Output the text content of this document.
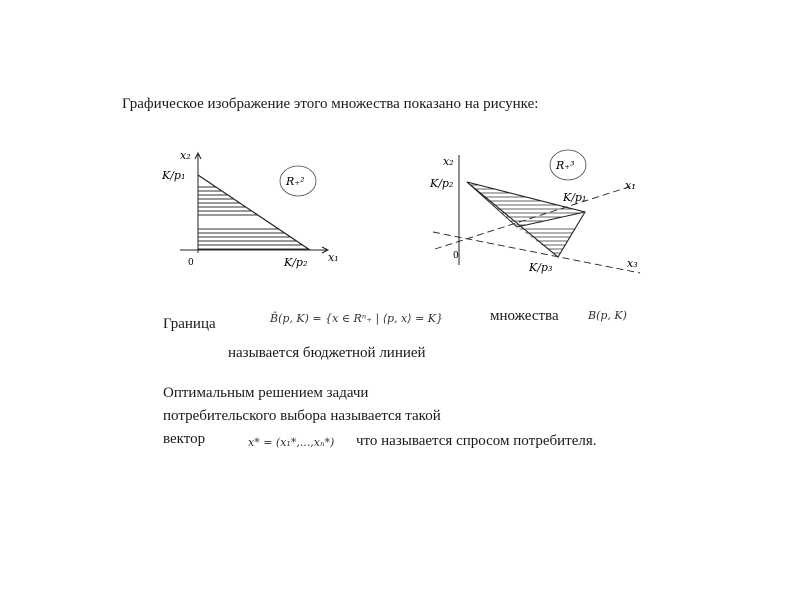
Графическое изображение этого множества показано на рисунке:
x₂
K/p₁
0	K/p₂ x₁
R₊²
x₂
K/p₂
K/p₁
x₁
0
K/p₃	x₃
R₊³
Граница	B̄(p, K) = {x ∈ Rⁿ₊ | ⟨p, x⟩ = K}	множества	B(p, K)
называется бюджетной линией
Оптимальным решением задачи
потребительского выбора называется такой
вектор	x* = (x₁*,...,xₙ*) что называется спросом потребителя.
